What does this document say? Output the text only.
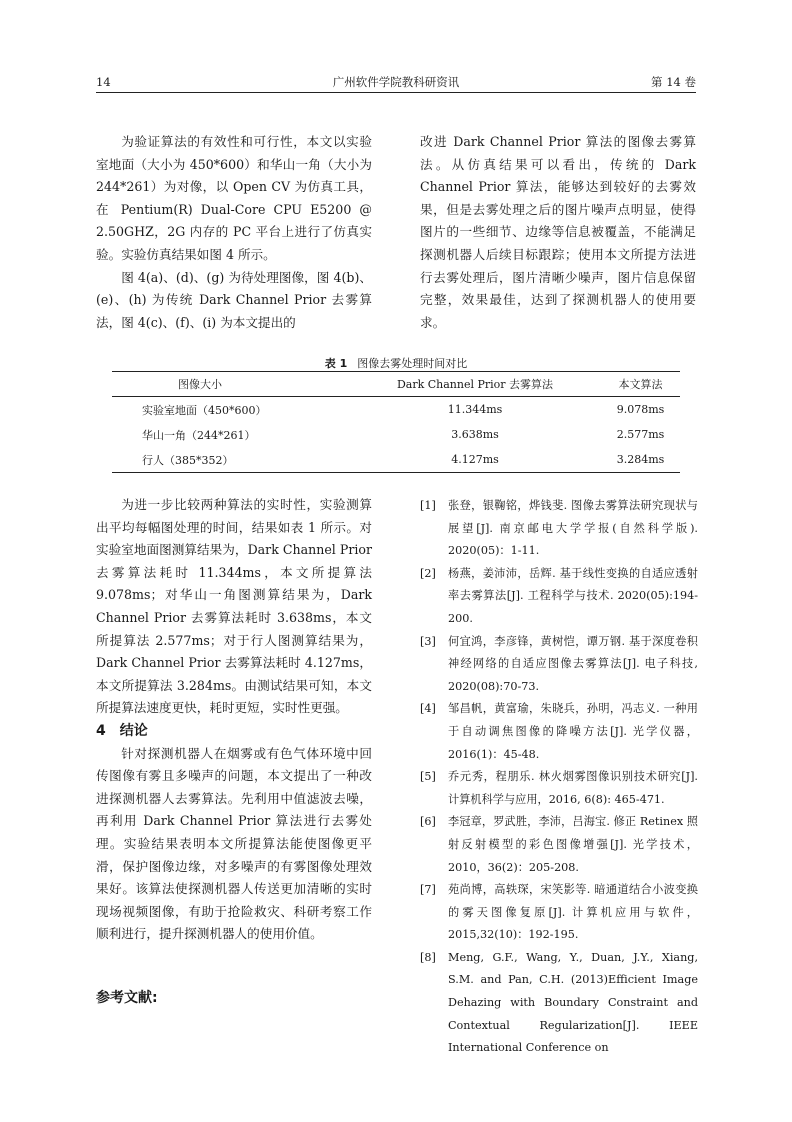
14	广州软件学院教科研资讯	第 14 卷

为验证算法的有效性和可行性，本文以实验室地面（大小为 450*600）和华山一角（大小为 244*261）为对像，以 Open CV 为仿真工具，在 Pentium(R) Dual-Core CPU E5200 @ 2.50GHZ，2G 内存的 PC 平台上进行了仿真实验。实验仿真结果如图 4 所示。

图 4(a)、(d)、(g) 为待处理图像，图 4(b)、(e)、(h) 为传统 Dark Channel Prior 去雾算法，图 4(c)、(f)、(i) 为本文提出的

改进 Dark Channel Prior 算法的图像去雾算法。从仿真结果可以看出，传统的 Dark Channel Prior 算法，能够达到较好的去雾效果，但是去雾处理之后的图片噪声点明显，使得图片的一些细节、边缘等信息被覆盖，不能满足探测机器人后续目标跟踪；使用本文所提方法进行去雾处理后，图片清晰少噪声，图片信息保留完整，效果最佳，达到了探测机器人的使用要求。

表 1 图像去雾处理时间对比
图像大小	Dark Channel Prior 去雾算法	本文算法
实验室地面（450*600）	11.344ms	9.078ms
华山一角（244*261）	3.638ms	2.577ms
行人（385*352）	4.127ms	3.284ms

为进一步比较两种算法的实时性，实验测算出平均每幅图处理的时间，结果如表 1 所示。对实验室地面图测算结果为，Dark Channel Prior 去雾算法耗时 11.344ms，本文所提算法 9.078ms；对华山一角图测算结果为，Dark Channel Prior 去雾算法耗时 3.638ms，本文所提算法 2.577ms；对于行人图测算结果为，Dark Channel Prior 去雾算法耗时 4.127ms，本文所提算法 3.284ms。由测试结果可知，本文所提算法速度更快，耗时更短，实时性更强。

4　结论

针对探测机器人在烟雾或有色气体环境中回传图像有雾且多噪声的问题，本文提出了一种改进探测机器人去雾算法。先利用中值滤波去噪，再利用 Dark Channel Prior 算法进行去雾处理。实验结果表明本文所提算法能使图像更平滑，保护图像边缘，对多噪声的有雾图像处理效果好。该算法使探测机器人传送更加清晰的实时现场视频图像，有助于抢险救灾、科研考察工作顺利进行，提升探测机器人的使用价值。

参考文献:
[1]	张登，银鞠铭，烨钱斐. 图像去雾算法研究现状与展望[J]. 南京邮电大学学报(自然科学版). 2020(05)：1-11.
[2]	杨燕，姜沛沛，岳辉. 基于线性变换的自适应透射率去雾算法[J]. 工程科学与技术. 2020(05):194-200.
[3]	何宜鸿，李彦锋，黄树恺，谭万钢. 基于深度卷积神经网络的自适应图像去雾算法[J]. 电子科技, 2020(08):70-73.
[4]	邹昌帆，黄富瑜，朱晓兵，孙明，冯志义. 一种用于自动调焦图像的降噪方法[J]. 光学仪器，2016(1)：45-48.
[5]	乔元秀，程朋乐. 林火烟雾图像识别技术研究[J]. 计算机科学与应用，2016, 6(8): 465-471.
[6]	李冠章，罗武胜，李沛，吕海宝. 修正 Retinex 照射反射模型的彩色图像增强[J]. 光学技术，2010，36(2)：205-208.
[7]	苑尚博，高轶琛，宋笑影等. 暗通道结合小波变换的雾天图像复原[J]. 计算机应用与软件，2015,32(10)：192-195.
[8]	Meng, G.F., Wang, Y., Duan, J.Y., Xiang, S.M. and Pan, C.H. (2013)Efficient Image Dehazing with Boundary Constraint and Contextual Regularization[J]. IEEE International Conference on
